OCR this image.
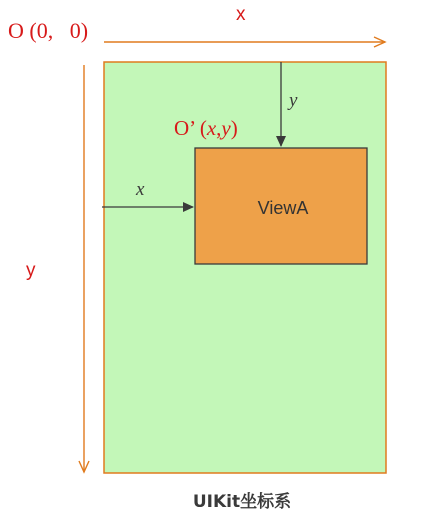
O (0,   0)
x
y
y
x
O’ (x,y)
ViewA
UIKit坐标系
